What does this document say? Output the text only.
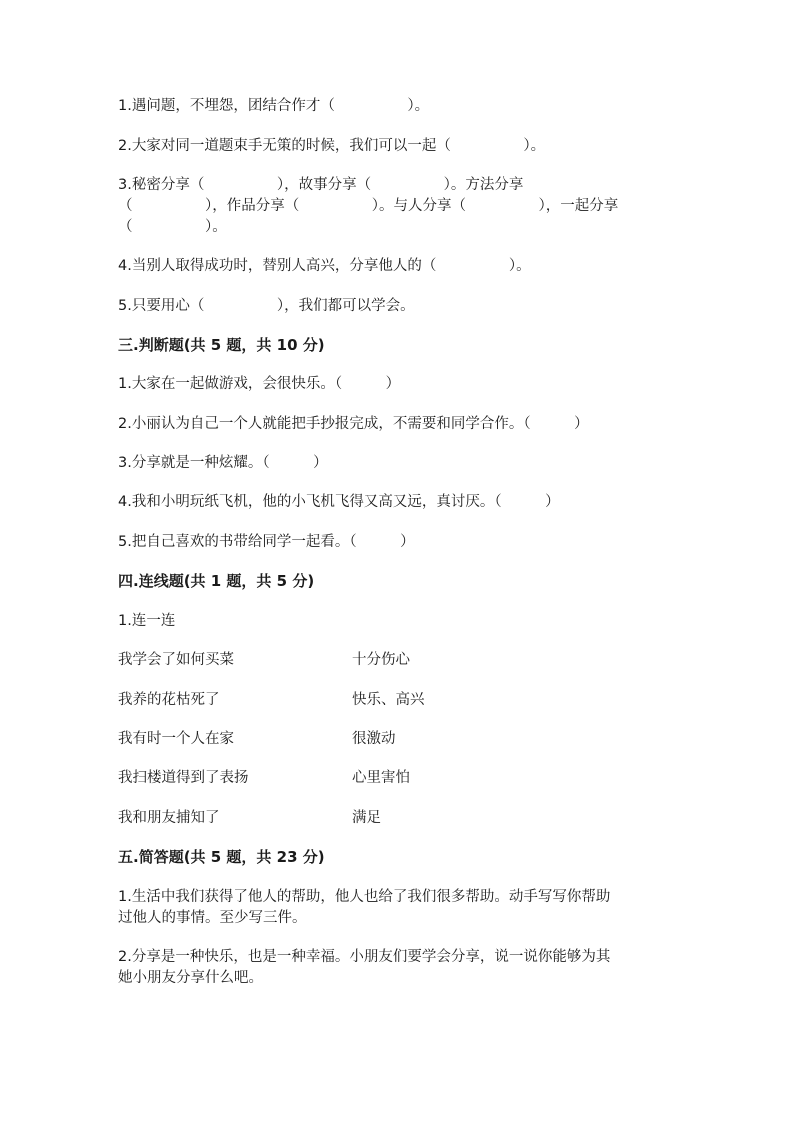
1.遇问题，不埋怨，团结合作才（　　　　　）。
2.大家对同一道题束手无策的时候，我们可以一起（　　　　　）。
3.秘密分享（　　　　　），故事分享（　　　　　）。方法分享
（　　　　　），作品分享（　　　　　）。与人分享（　　　　　），一起分享
（　　　　　）。
4.当别人取得成功时，替别人高兴，分享他人的（　　　　　）。
5.只要用心（　　　　　），我们都可以学会。
三.判断题(共 5 题，共 10 分)
1.大家在一起做游戏，会很快乐。（　　　）
2.小丽认为自己一个人就能把手抄报完成，不需要和同学合作。（　　　）
3.分享就是一种炫耀。（　　　）
4.我和小明玩纸飞机，他的小飞机飞得又高又远，真讨厌。（　　　）
5.把自己喜欢的书带给同学一起看。（　　　）
四.连线题(共 1 题，共 5 分)
1.连一连
我学会了如何买菜	十分伤心
我养的花枯死了	快乐、高兴
我有时一个人在家	很激动
我扫楼道得到了表扬	心里害怕
我和朋友捕知了	满足
五.简答题(共 5 题，共 23 分)
1.生活中我们获得了他人的帮助，他人也给了我们很多帮助。动手写写你帮助
过他人的事情。至少写三件。
2.分享是一种快乐，也是一种幸福。小朋友们要学会分享，说一说你能够为其
她小朋友分享什么吧。
